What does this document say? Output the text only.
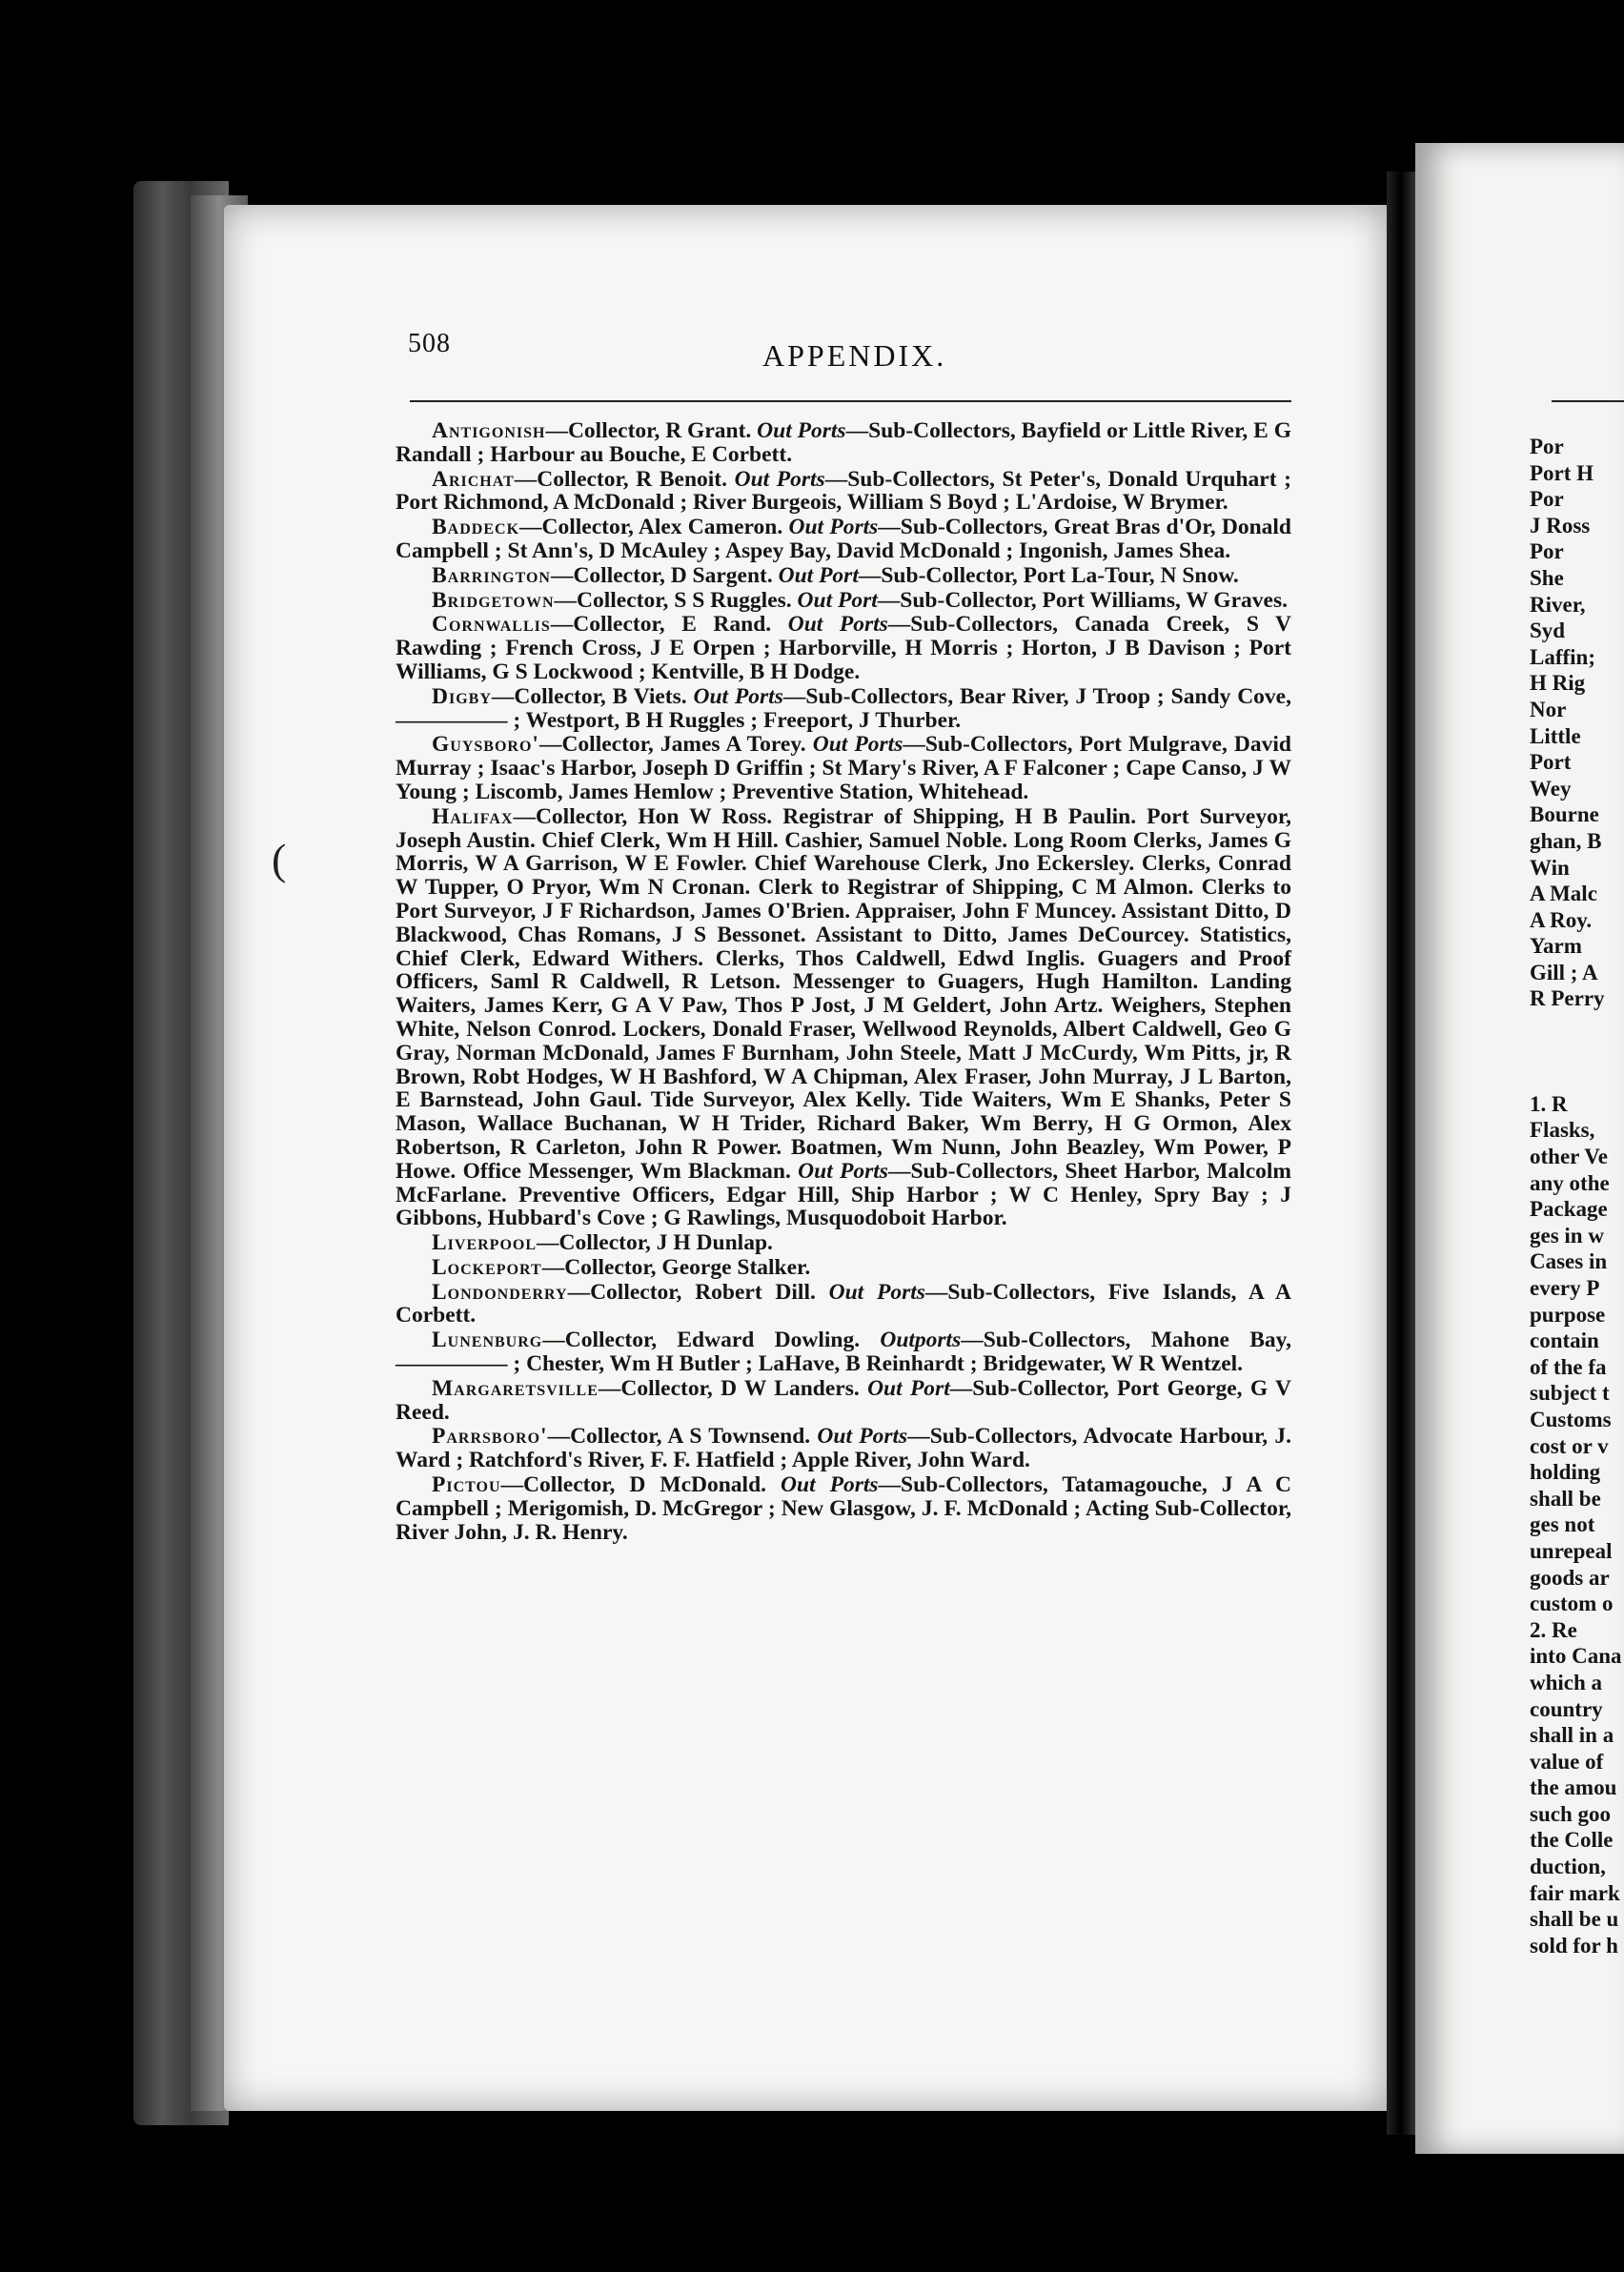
508	APPENDIX.
(

Antigonish—Collector, R Grant. Out Ports—Sub-Collectors, Bayfield or Little River, E G Randall ; Harbour au Bouche, E Corbett.

Arichat—Collector, R Benoit. Out Ports—Sub-Collectors, St Peter's, Donald Urquhart ; Port Richmond, A McDonald ; River Burgeois, William S Boyd ; L'Ardoise, W Brymer.

Baddeck—Collector, Alex Cameron. Out Ports—Sub-Collectors, Great Bras d'Or, Donald Campbell ; St Ann's, D McAuley ; Aspey Bay, David McDonald ; Ingonish, James Shea.

Barrington—Collector, D Sargent. Out Port—Sub-Collector, Port La-Tour, N Snow.

Bridgetown—Collector, S S Ruggles. Out Port—Sub-Collector, Port Williams, W Graves.

Cornwallis—Collector, E Rand. Out Ports—Sub-Collectors, Canada Creek, S V Rawding ; French Cross, J E Orpen ; Harborville, H Morris ; Horton, J B Davison ; Port Williams, G S Lockwood ; Kentville, B H Dodge.

Digby—Collector, B Viets. Out Ports—Sub-Collectors, Bear River, J Troop ; Sandy Cove, ————— ; Westport, B H Ruggles ; Freeport, J Thurber.

Guysboro'—Collector, James A Torey. Out Ports—Sub-Collectors, Port Mulgrave, David Murray ; Isaac's Harbor, Joseph D Griffin ; St Mary's River, A F Falconer ; Cape Canso, J W Young ; Liscomb, James Hemlow ; Preventive Station, Whitehead.

Halifax—Collector, Hon W Ross. Registrar of Shipping, H B Paulin. Port Surveyor, Joseph Austin. Chief Clerk, Wm H Hill. Cashier, Samuel Noble. Long Room Clerks, James G Morris, W A Garrison, W E Fowler. Chief Warehouse Clerk, Jno Eckersley. Clerks, Conrad W Tupper, O Pryor, Wm N Cronan. Clerk to Registrar of Shipping, C M Almon. Clerks to Port Surveyor, J F Richardson, James O'Brien. Appraiser, John F Muncey. Assistant Ditto, D Blackwood, Chas Romans, J S Bessonet. Assistant to Ditto, James DeCourcey. Statistics, Chief Clerk, Edward Withers. Clerks, Thos Caldwell, Edwd Inglis. Guagers and Proof Officers, Saml R Caldwell, R Letson. Messenger to Guagers, Hugh Hamilton. Landing Waiters, James Kerr, G A V Paw, Thos P Jost, J M Geldert, John Artz. Weighers, Stephen White, Nelson Conrod. Lockers, Donald Fraser, Wellwood Reynolds, Albert Caldwell, Geo G Gray, Norman McDonald, James F Burnham, John Steele, Matt J McCurdy, Wm Pitts, jr, R Brown, Robt Hodges, W H Bashford, W A Chipman, Alex Fraser, John Murray, J L Barton, E Barnstead, John Gaul. Tide Surveyor, Alex Kelly. Tide Waiters, Wm E Shanks, Peter S Mason, Wallace Buchanan, W H Trider, Richard Baker, Wm Berry, H G Ormon, Alex Robertson, R Carleton, John R Power. Boatmen, Wm Nunn, John Beazley, Wm Power, P Howe. Office Messenger, Wm Blackman. Out Ports—Sub-Collectors, Sheet Harbor, Malcolm McFarlane. Preventive Officers, Edgar Hill, Ship Harbor ; W C Henley, Spry Bay ; J Gibbons, Hubbard's Cove ; G Rawlings, Musquodoboit Harbor.

Liverpool—Collector, J H Dunlap.

Lockeport—Collector, George Stalker.

Londonderry—Collector, Robert Dill. Out Ports—Sub-Collectors, Five Islands, A A Corbett.

Lunenburg—Collector, Edward Dowling. Outports—Sub-Collectors, Mahone Bay, ————— ; Chester, Wm H Butler ; LaHave, B Reinhardt ; Bridgewater, W R Wentzel.

Margaretsville—Collector, D W Landers. Out Port—Sub-Collector, Port George, G V Reed.

Parrsboro'—Collector, A S Townsend. Out Ports—Sub-Collectors, Advocate Harbour, J. Ward ; Ratchford's River, F. F. Hatfield ; Apple River, John Ward.

Pictou—Collector, D McDonald. Out Ports—Sub-Collectors, Tatamagouche, J A C Campbell ; Merigomish, D. McGregor ; New Glasgow, J. F. McDonald ; Acting Sub-Collector, River John, J. R. Henry.

Por
Port H
Por
J Ross
Por
She
River,
Syd
Laffin;
H Rig
Nor
Little
Port
Wey
Bourne
ghan, B
Win
A Malc
A Roy.
Yarm
Gill ; A
R Perry
1. R
Flasks,
other Ve
any othe
Package
ges in w
Cases in
every P
purpose
contain
of the fa
subject t
Customs
cost or v
holding
shall be
ges not
unrepeal
goods ar
custom o
2. Re
into Cana
which a
country
shall in a
value of
the amou
such goo
the Colle
duction,
fair mark
shall be u
sold for h
